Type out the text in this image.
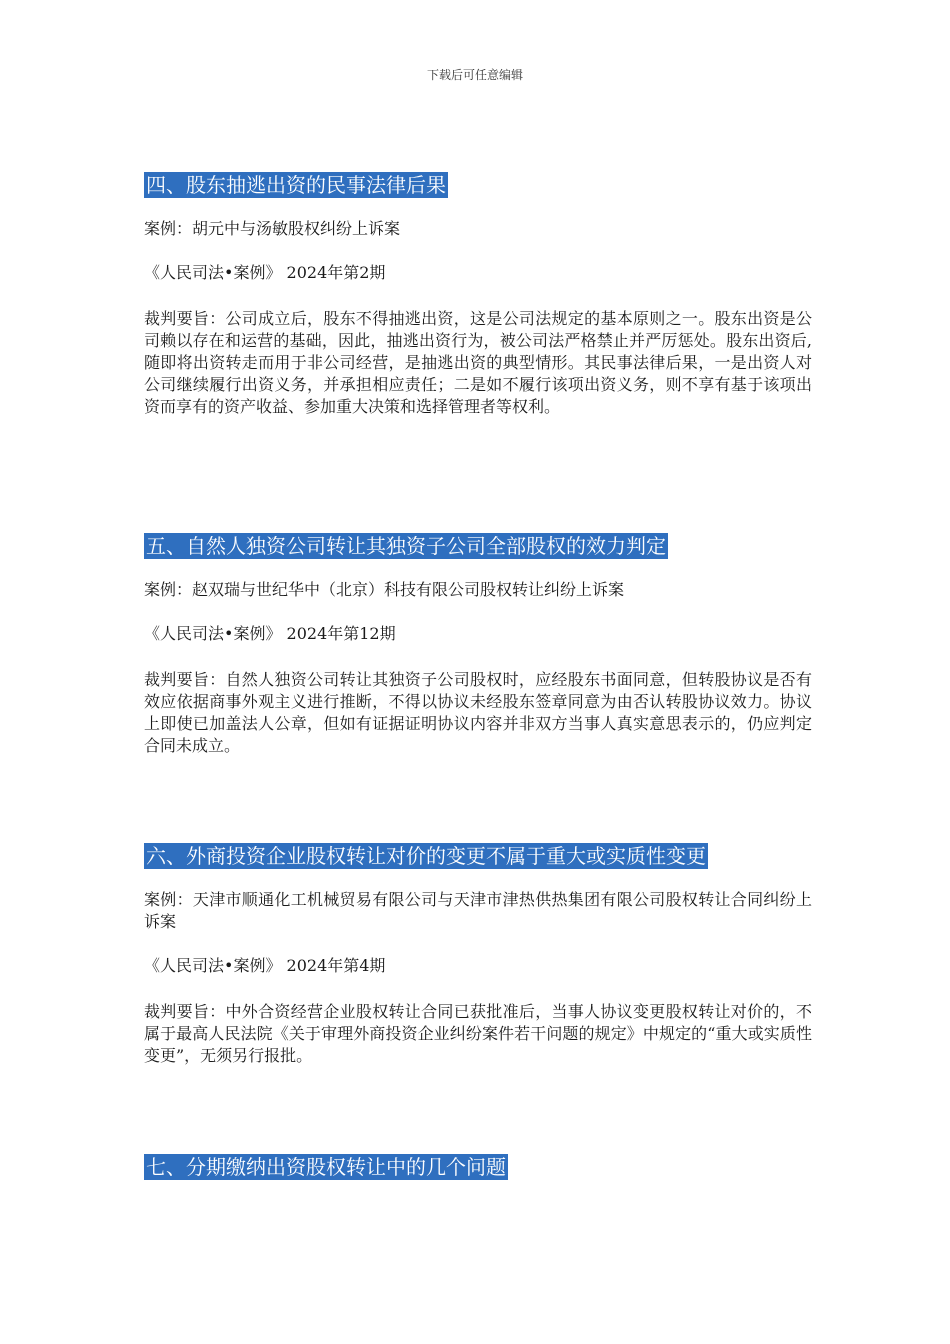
下载后可任意编辑
四、股东抽逃出资的民事法律后果

案例：胡元中与汤敏股权纠纷上诉案

《人民司法•案例》 2024年第2期

裁判要旨：公司成立后，股东不得抽逃出资，这是公司法规定的基本原则之一。股东出资是公司赖以存在和运营的基础，因此，抽逃出资行为，被公司法严格禁止并严厉惩处。股东出资后,随即将出资转走而用于非公司经营，是抽逃出资的典型情形。其民事法律后果，一是出资人对公司继续履行出资义务，并承担相应责任；二是如不履行该项出资义务，则不享有基于该项出资而享有的资产收益、参加重大决策和选择管理者等权利。

五、自然人独资公司转让其独资子公司全部股权的效力判定

案例：赵双瑞与世纪华中（北京）科技有限公司股权转让纠纷上诉案

《人民司法•案例》 2024年第12期

裁判要旨：自然人独资公司转让其独资子公司股权时，应经股东书面同意，但转股协议是否有效应依据商事外观主义进行推断，不得以协议未经股东签章同意为由否认转股协议效力。协议上即使已加盖法人公章，但如有证据证明协议内容并非双方当事人真实意思表示的，仍应判定合同未成立。

六、外商投资企业股权转让对价的变更不属于重大或实质性变更

案例：天津市顺通化工机械贸易有限公司与天津市津热供热集团有限公司股权转让合同纠纷上诉案

《人民司法•案例》 2024年第4期

裁判要旨：中外合资经营企业股权转让合同已获批准后，当事人协议变更股权转让对价的，不属于最高人民法院《关于审理外商投资企业纠纷案件若干问题的规定》中规定的“重大或实质性变更”，无须另行报批。

七、分期缴纳出资股权转让中的几个问题
